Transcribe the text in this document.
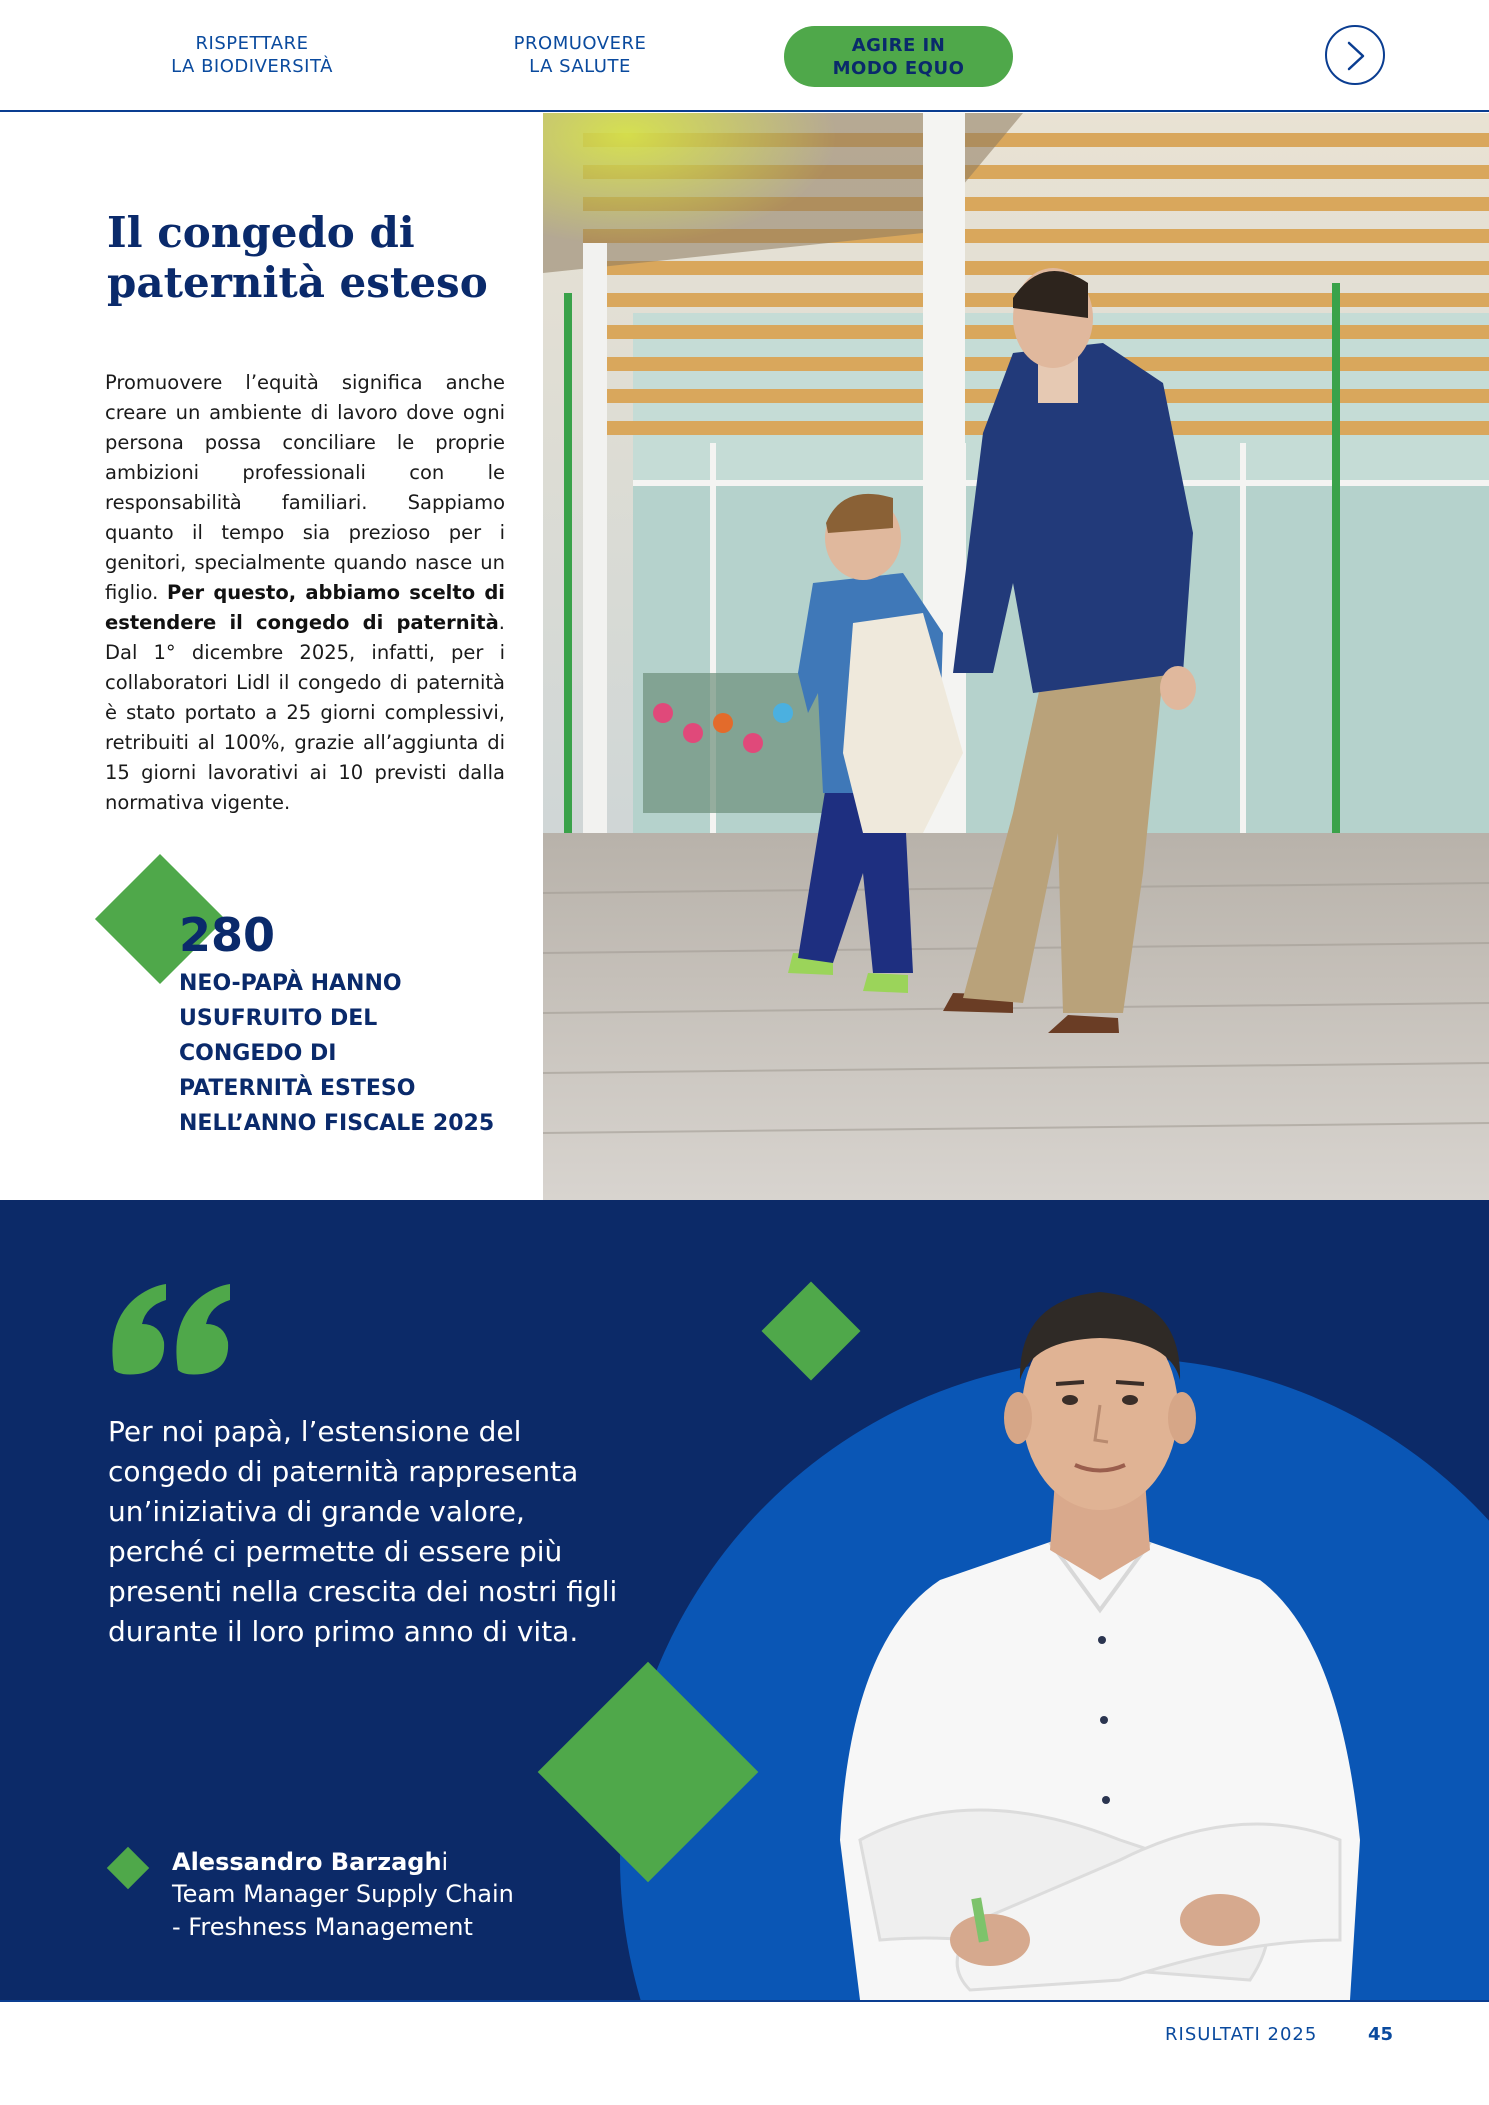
RISPETTARE
LA BIODIVERSITÀ
PROMUOVERE
LA SALUTE
AGIRE IN
MODO EQUO
Il congedo di
paternità esteso

Promuovere l’equità significa anche creare un ambiente di lavoro dove ogni persona possa conciliare le proprie ambizioni professionali con le responsabilità familiari. Sappiamo quanto il tempo sia prezioso per i genitori, specialmente quando nasce un figlio. Per questo, abbiamo scelto di estendere il congedo di paternità. Dal 1° dicembre 2025, infatti, per i collaboratori Lidl il congedo di paternità è stato portato a 25 giorni complessivi, retribuiti al 100%, grazie all’aggiunta di 15 giorni lavorativi ai 10 previsti dalla normativa vigente.

280
NEO-PAPÀ HANNO
USUFRUITO DEL
CONGEDO DI
PATERNITÀ ESTESO
NELL’ANNO FISCALE 2025
Per noi papà, l’estensione del
congedo di paternità rappresenta
un’iniziativa di grande valore,
perché ci permette di essere più
presenti nella crescita dei nostri figli
durante il loro primo anno di vita.
Alessandro Barzaghi
Team Manager Supply Chain
- Freshness Management
RISULTATI 2025	45
